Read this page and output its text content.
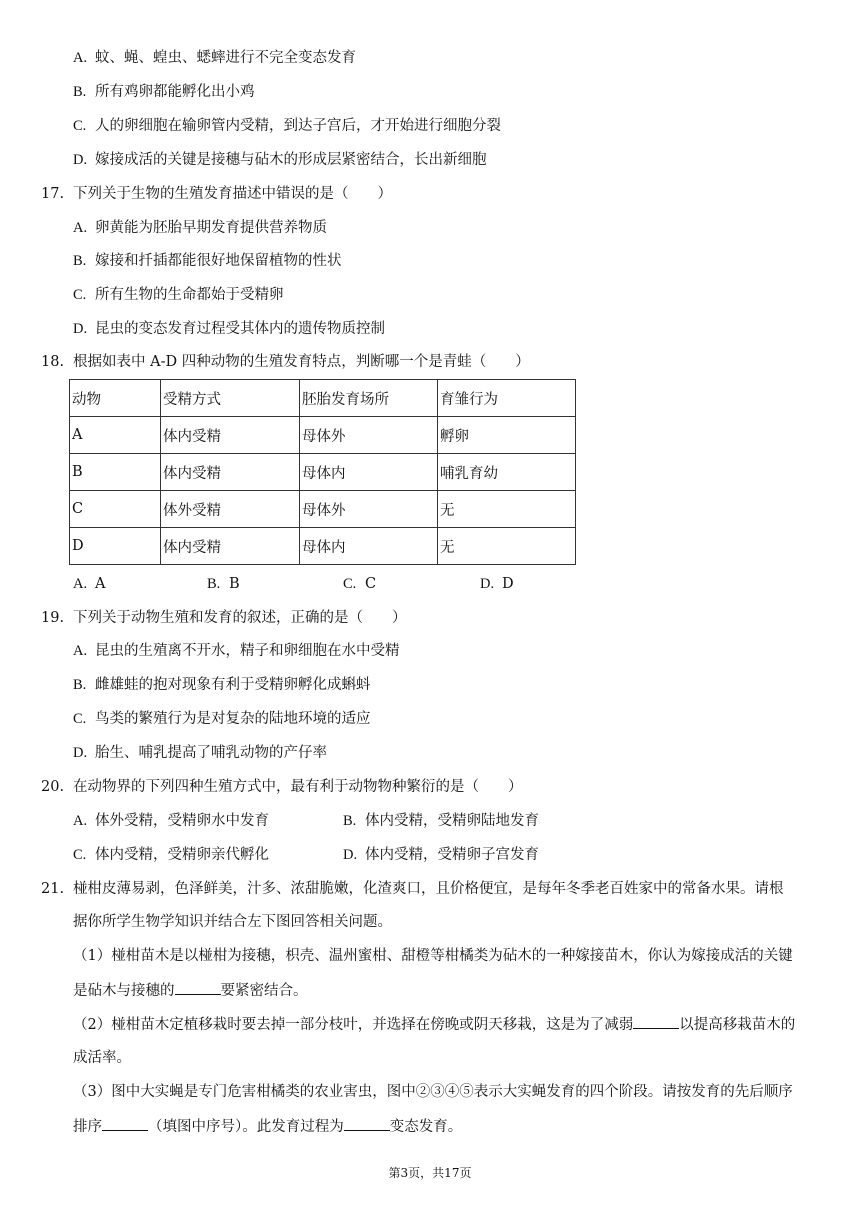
A. 蚊、蝇、蝗虫、蟋蟀进行不完全变态发育
B. 所有鸡卵都能孵化出小鸡
C. 人的卵细胞在输卵管内受精，到达子宫后，才开始进行细胞分裂
D. 嫁接成活的关键是接穗与砧木的形成层紧密结合，长出新细胞
17. 下列关于生物的生殖发育描述中错误的是（　　）
A. 卵黄能为胚胎早期发育提供营养物质
B. 嫁接和扦插都能很好地保留植物的性状
C. 所有生物的生命都始于受精卵
D. 昆虫的变态发育过程受其体内的遗传物质控制
18. 根据如表中 A-D 四种动物的生殖发育特点，判断哪一个是青蛙（　　）
动物	受精方式	胚胎发育场所	育雏行为
A	体内受精	母体外	孵卵
B	体内受精	母体内	哺乳育幼
C	体外受精	母体外	无
D	体内受精	母体内	无
A. A	B. B	C. C	D. D
19. 下列关于动物生殖和发育的叙述，正确的是（　　）
A. 昆虫的生殖离不开水，精子和卵细胞在水中受精
B. 雌雄蛙的抱对现象有利于受精卵孵化成蝌蚪
C. 鸟类的繁殖行为是对复杂的陆地环境的适应
D. 胎生、哺乳提高了哺乳动物的产仔率
20. 在动物界的下列四种生殖方式中，最有利于动物物种繁衍的是（　　）
A. 体外受精，受精卵水中发育	B. 体内受精，受精卵陆地发育
C. 体内受精，受精卵亲代孵化	D. 体内受精，受精卵子宫发育
21. 椪柑皮薄易剥，色泽鲜美，汁多、浓甜脆嫩，化渣爽口，且价格便宜，是每年冬季老百姓家中的常备水果。请根
据你所学生物学知识并结合左下图回答相关问题。
（1）椪柑苗木是以椪柑为接穗，枳壳、温州蜜柑、甜橙等柑橘类为砧木的一种嫁接苗木，你认为嫁接成活的关键
是砧木与接穗的	要紧密结合。
（2）椪柑苗木定植移栽时要去掉一部分枝叶，并选择在傍晚或阴天移栽，这是为了减弱	以提高移栽苗木的
成活率。
（3）图中大实蝇是专门危害柑橘类的农业害虫，图中②③④⑤表示大实蝇发育的四个阶段。请按发育的先后顺序
排序	（填图中序号）。此发育过程为	变态发育。
第3页，共17页
